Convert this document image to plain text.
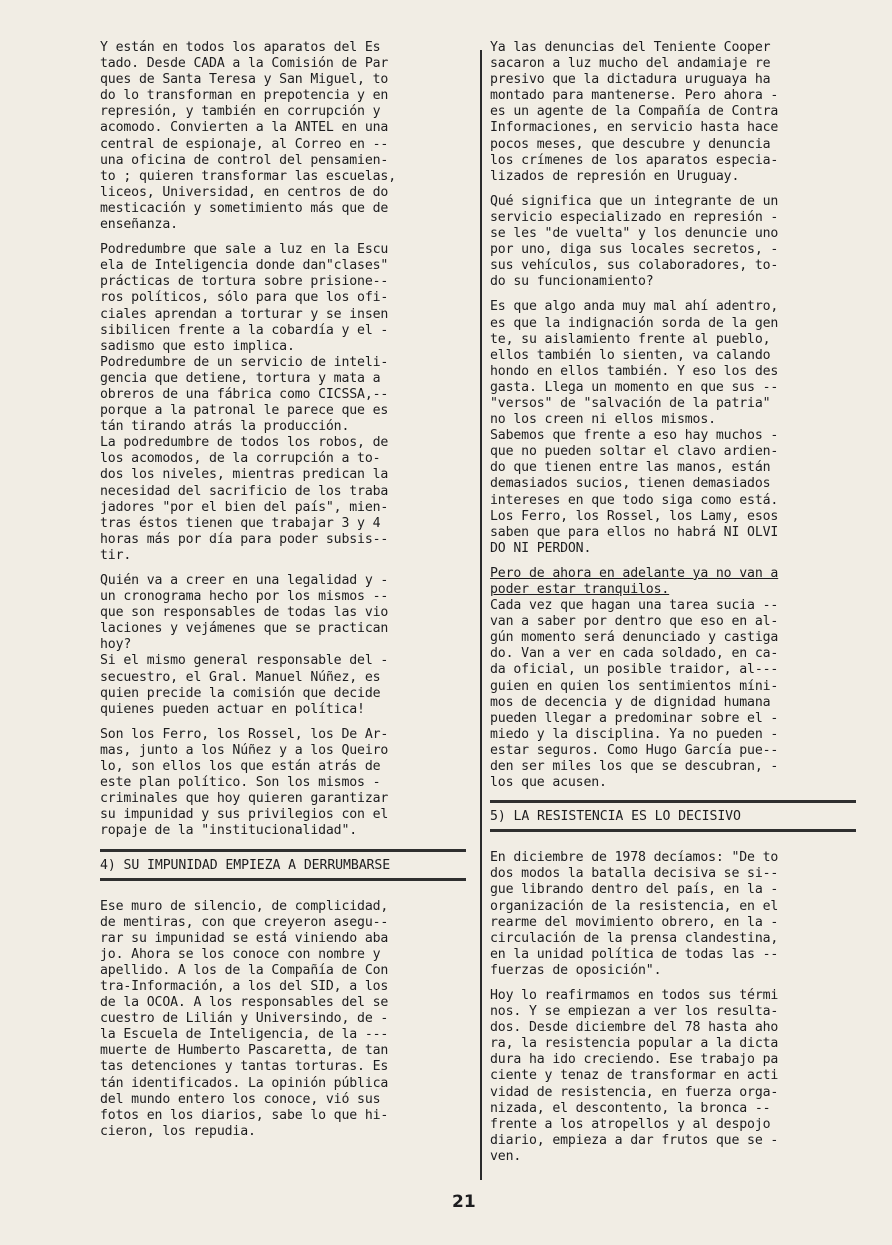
Y están en todos los aparatos del Es
tado. Desde CADA a la Comisión de Par
ques de Santa Teresa y San Miguel, to
do lo transforman en prepotencia y en
represión, y también en corrupción y
acomodo. Convierten a la ANTEL en una
central de espionaje, al Correo en --
una oficina de control del pensamien-
to ; quieren transformar las escuelas,
liceos, Universidad, en centros de do
mesticación y sometimiento más que de
enseñanza.

Podredumbre que sale a luz en la Escu
ela de Inteligencia donde dan"clases"
prácticas de tortura sobre prisione--
ros políticos, sólo para que los ofi-
ciales aprendan a torturar y se insen
sibilicen frente a la cobardía y el -
sadismo que esto implica.
Podredumbre de un servicio de inteli-
gencia que detiene, tortura y mata a
obreros de una fábrica como CICSSA,--
porque a la patronal le parece que es
tán tirando atrás la producción.
La podredumbre de todos los robos, de
los acomodos, de la corrupción a to-
dos los niveles, mientras predican la
necesidad del sacrificio de los traba
jadores "por el bien del país", mien-
tras éstos tienen que trabajar 3 y 4
horas más por día para poder subsis--
tir.

Quién va a creer en una legalidad y -
un cronograma hecho por los mismos --
que son responsables de todas las vio
laciones y vejámenes que se practican
hoy?
Si el mismo general responsable del -
secuestro, el Gral. Manuel Núñez, es
quien precide la comisión que decide
quienes pueden actuar en política!

Son los Ferro, los Rossel, los De Ar-
mas, junto a los Núñez y a los Queiro
lo, son ellos los que están atrás de
este plan político. Son los mismos -
criminales que hoy quieren garantizar
su impunidad y sus privilegios con el
ropaje de la "institucionalidad".

4) SU IMPUNIDAD EMPIEZA A DERRUMBARSE

Ese muro de silencio, de complicidad,
de mentiras, con que creyeron asegu--
rar su impunidad se está viniendo aba
jo. Ahora se los conoce con nombre y
apellido. A los de la Compañía de Con
tra-Información, a los del SID, a los
de la OCOA. A los responsables del se
cuestro de Lilián y Universindo, de -
la Escuela de Inteligencia, de la ---
muerte de Humberto Pascaretta, de tan
tas detenciones y tantas torturas. Es
tán identificados. La opinión pública
del mundo entero los conoce, vió sus
fotos en los diarios, sabe lo que hi-
cieron, los repudia.

Ya las denuncias del Teniente Cooper
sacaron a luz mucho del andamiaje re
presivo que la dictadura uruguaya ha
montado para mantenerse. Pero ahora -
es un agente de la Compañía de Contra
Informaciones, en servicio hasta hace
pocos meses, que descubre y denuncia
los crímenes de los aparatos especia-
lizados de represión en Uruguay.

Qué significa que un integrante de un
servicio especializado en represión -
se les "de vuelta" y los denuncie uno
por uno, diga sus locales secretos, -
sus vehículos, sus colaboradores, to-
do su funcionamiento?

Es que algo anda muy mal ahí adentro,
es que la indignación sorda de la gen
te, su aislamiento frente al pueblo,
ellos también lo sienten, va calando
hondo en ellos también. Y eso los des
gasta. Llega un momento en que sus --
"versos" de "salvación de la patria"
no los creen ni ellos mismos.
Sabemos que frente a eso hay muchos -
que no pueden soltar el clavo ardien-
do que tienen entre las manos, están
demasiados sucios, tienen demasiados
intereses en que todo siga como está.
Los Ferro, los Rossel, los Lamy, esos
saben que para ellos no habrá NI OLVI
DO NI PERDON.

Pero de ahora en adelante ya no van a
poder estar tranquilos.

Cada vez que hagan una tarea sucia --
van a saber por dentro que eso en al-
gún momento será denunciado y castiga
do. Van a ver en cada soldado, en ca-
da oficial, un posible traidor, al---
guien en quien los sentimientos míni-
mos de decencia y de dignidad humana
pueden llegar a predominar sobre el -
miedo y la disciplina. Ya no pueden -
estar seguros. Como Hugo García pue--
den ser miles los que se descubran, -
los que acusen.

5) LA RESISTENCIA ES LO DECISIVO

En diciembre de 1978 decíamos: "De to
dos modos la batalla decisiva se si--
gue librando dentro del país, en la -
organización de la resistencia, en el
rearme del movimiento obrero, en la -
circulación de la prensa clandestina,
en la unidad política de todas las --
fuerzas de oposición".

Hoy lo reafirmamos en todos sus térmi
nos. Y se empiezan a ver los resulta-
dos. Desde diciembre del 78 hasta aho
ra, la resistencia popular a la dicta
dura ha ido creciendo. Ese trabajo pa
ciente y tenaz de transformar en acti
vidad de resistencia, en fuerza orga-
nizada, el descontento, la bronca --
frente a los atropellos y al despojo
diario, empieza a dar frutos que se -
ven.

21
